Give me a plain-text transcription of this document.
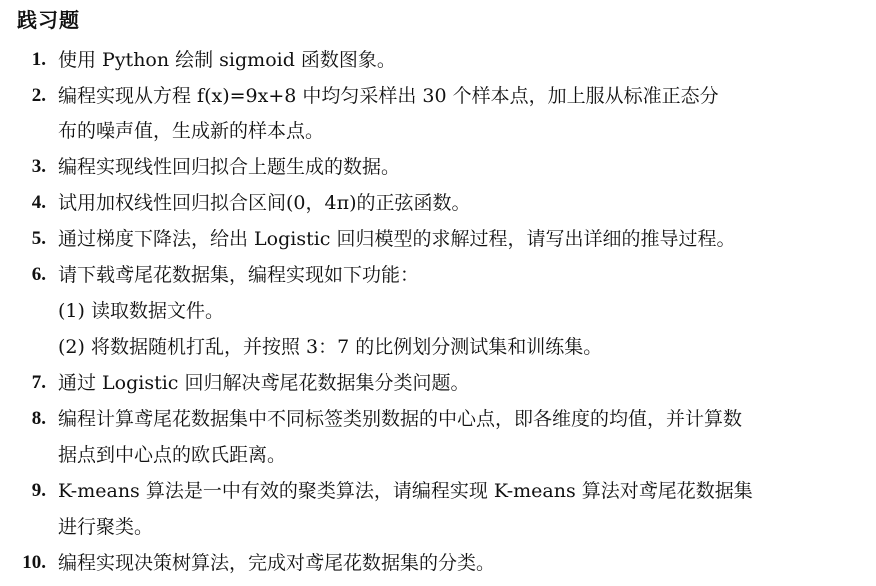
践习题
1. 使用 Python 绘制 sigmoid 函数图象。
2. 编程实现从方程 f(x)=9x+8 中均匀采样出 30 个样本点，加上服从标准正态分
布的噪声值，生成新的样本点。
3. 编程实现线性回归拟合上题生成的数据。
4. 试用加权线性回归拟合区间(0，4π)的正弦函数。
5. 通过梯度下降法，给出 Logistic 回归模型的求解过程，请写出详细的推导过程。
6. 请下载鸢尾花数据集，编程实现如下功能：
(1) 读取数据文件。
(2) 将数据随机打乱，并按照 3：7 的比例划分测试集和训练集。
7. 通过 Logistic 回归解决鸢尾花数据集分类问题。
8. 编程计算鸢尾花数据集中不同标签类别数据的中心点，即各维度的均值，并计算数
据点到中心点的欧氏距离。
9. K-means 算法是一中有效的聚类算法，请编程实现 K-means 算法对鸢尾花数据集
进行聚类。
10. 编程实现决策树算法，完成对鸢尾花数据集的分类。
